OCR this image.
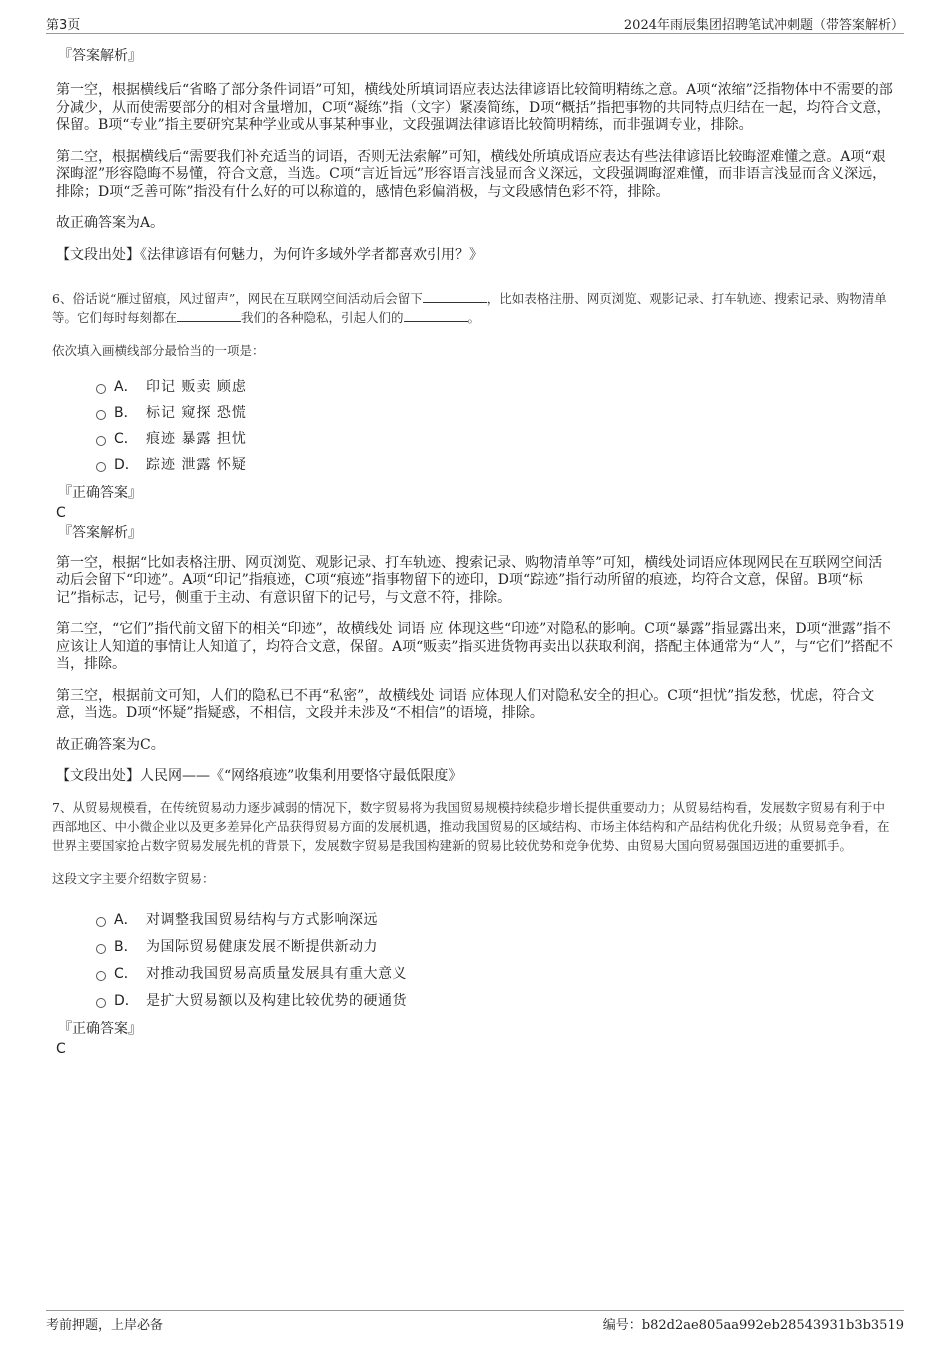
第3页	2024年雨辰集团招聘笔试冲刺题（带答案解析）
『答案解析』

第一空，根据横线后“省略了部分条件词语”可知，横线处所填词语应表达法律谚语比较简明精练之意。A项“浓缩”泛指物体中不需要的部分减少，从而使需要部分的相对含量增加，C项“凝练”指（文字）紧凑简练，D项“概括”指把事物的共同特点归结在一起，均符合文意，保留。B项“专业”指主要研究某种学业或从事某种事业，文段强调法律谚语比较简明精练，而非强调专业，排除。

第二空，根据横线后“需要我们补充适当的词语，否则无法索解”可知，横线处所填成语应表达有些法律谚语比较晦涩难懂之意。A项“艰深晦涩”形容隐晦不易懂，符合文意，当选。C项“言近旨远”形容语言浅显而含义深远，文段强调晦涩难懂，而非语言浅显而含义深远，排除；D项“乏善可陈”指没有什么好的可以称道的，感情色彩偏消极，与文段感情色彩不符，排除。

故正确答案为A。

【文段出处】《法律谚语有何魅力，为何许多域外学者都喜欢引用？》

6、俗话说“雁过留痕，风过留声”，网民在互联网空间活动后会留下	，比如表格注册、网页浏览、观影记录、打车轨迹、搜索记录、购物清单等。它们每时每刻都在	我们的各种隐私，引起人们的	。

依次填入画横线部分最恰当的一项是：

A． 印记 贩卖 顾虑
B． 标记 窥探 恐慌
C． 痕迹 暴露 担忧
D． 踪迹 泄露 怀疑
『正确答案』
C
『答案解析』

第一空，根据“比如表格注册、网页浏览、观影记录、打车轨迹、搜索记录、购物清单等”可知，横线处词语应体现网民在互联网空间活动后会留下“印迹”。A项“印记”指痕迹，C项“痕迹”指事物留下的迹印，D项“踪迹”指行动所留的痕迹，均符合文意，保留。B项“标记”指标志，记号，侧重于主动、有意识留下的记号，与文意不符，排除。

第二空，“它们”指代前文留下的相关“印迹”，故横线处 词语 应 体现这些“印迹”对隐私的影响。C项“暴露”指显露出来，D项“泄露”指不应该让人知道的事情让人知道了，均符合文意，保留。A项“贩卖”指买进货物再卖出以获取利润，搭配主体通常为“人”，与“它们”搭配不当，排除。

第三空，根据前文可知，人们的隐私已不再“私密”，故横线处 词语 应体现人们对隐私安全的担心。C项“担忧”指发愁，忧虑，符合文意，当选。D项“怀疑”指疑惑，不相信，文段并未涉及“不相信”的语境，排除。

故正确答案为C。

【文段出处】人民网——《“网络痕迹”收集利用要恪守最低限度》

7、从贸易规模看，在传统贸易动力逐步减弱的情况下，数字贸易将为我国贸易规模持续稳步增长提供重要动力；从贸易结构看，发展数字贸易有利于中西部地区、中小微企业以及更多差异化产品获得贸易方面的发展机遇，推动我国贸易的区域结构、市场主体结构和产品结构优化升级；从贸易竞争看，在世界主要国家抢占数字贸易发展先机的背景下，发展数字贸易是我国构建新的贸易比较优势和竞争优势、由贸易大国向贸易强国迈进的重要抓手。

这段文字主要介绍数字贸易：

A． 对调整我国贸易结构与方式影响深远
B． 为国际贸易健康发展不断提供新动力
C． 对推动我国贸易高质量发展具有重大意义
D． 是扩大贸易额以及构建比较优势的硬通货
『正确答案』
C
考前押题，上岸必备	编号：b82d2ae805aa992eb28543931b3b3519
